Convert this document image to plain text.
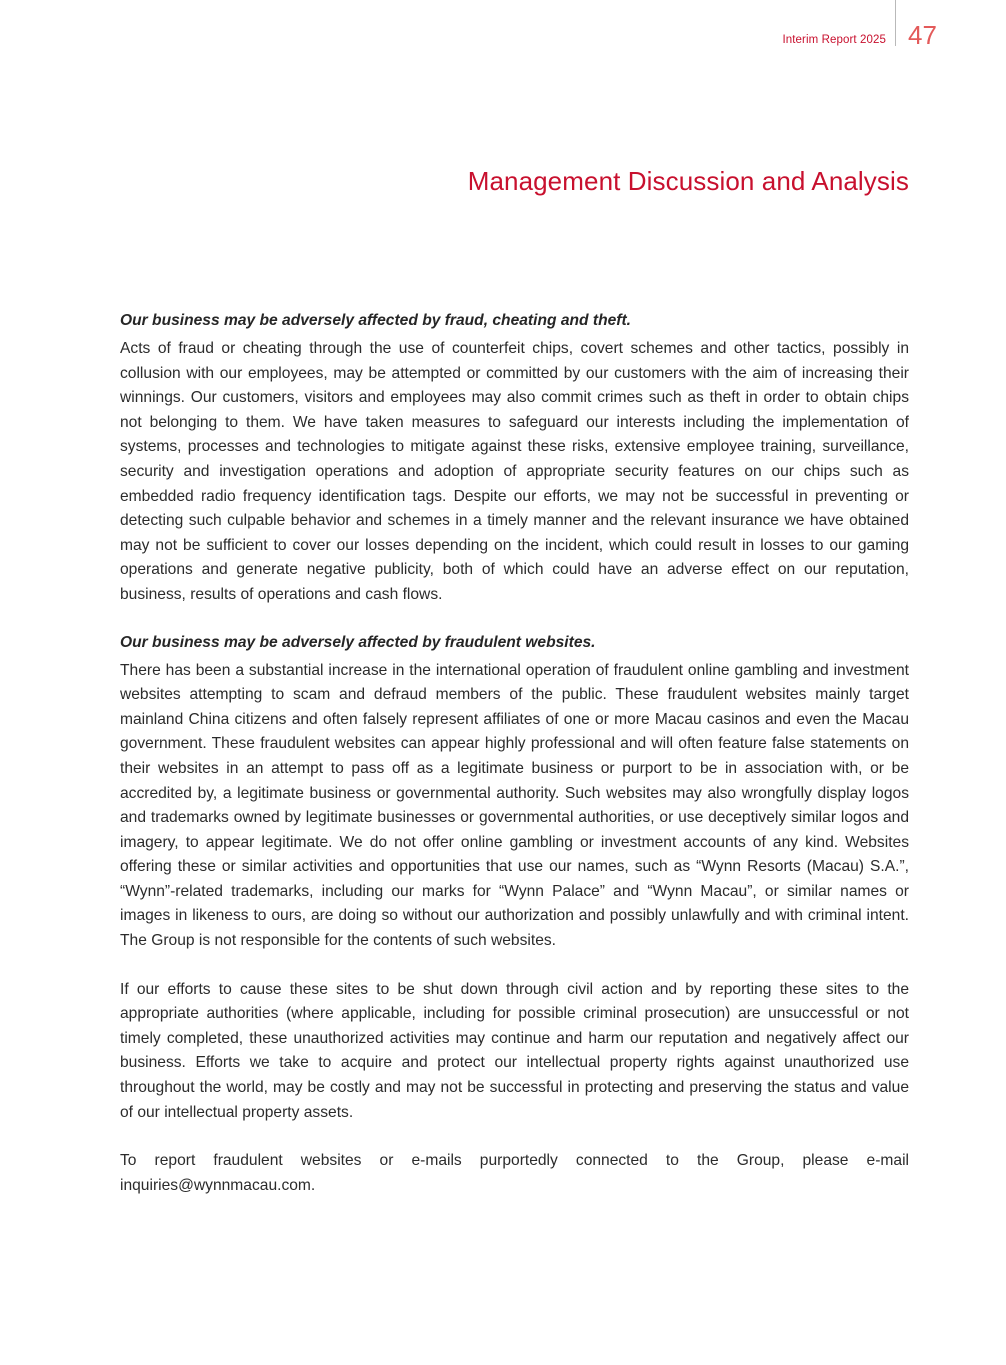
Interim Report 2025 47
Management Discussion and Analysis
Our business may be adversely affected by fraud, cheating and theft.

Acts of fraud or cheating through the use of counterfeit chips, covert schemes and other tactics, possibly in collusion with our employees, may be attempted or committed by our customers with the aim of increasing their winnings. Our customers, visitors and employees may also commit crimes such as theft in order to obtain chips not belonging to them. We have taken measures to safeguard our interests including the implementation of systems, processes and technologies to mitigate against these risks, extensive employee training, surveillance, security and investigation operations and adoption of appropriate security features on our chips such as embedded radio frequency identification tags. Despite our efforts, we may not be successful in preventing or detecting such culpable behavior and schemes in a timely manner and the relevant insurance we have obtained may not be sufficient to cover our losses depending on the incident, which could result in losses to our gaming operations and generate negative publicity, both of which could have an adverse effect on our reputation, business, results of operations and cash flows.

Our business may be adversely affected by fraudulent websites.

There has been a substantial increase in the international operation of fraudulent online gambling and investment websites attempting to scam and defraud members of the public. These fraudulent websites mainly target mainland China citizens and often falsely represent affiliates of one or more Macau casinos and even the Macau government. These fraudulent websites can appear highly professional and will often feature false statements on their websites in an attempt to pass off as a legitimate business or purport to be in association with, or be accredited by, a legitimate business or governmental authority. Such websites may also wrongfully display logos and trademarks owned by legitimate businesses or governmental authorities, or use deceptively similar logos and imagery, to appear legitimate. We do not offer online gambling or investment accounts of any kind. Websites offering these or similar activities and opportunities that use our names, such as “Wynn Resorts (Macau) S.A.”, “Wynn”-related trademarks, including our marks for “Wynn Palace” and “Wynn Macau”, or similar names or images in likeness to ours, are doing so without our authorization and possibly unlawfully and with criminal intent. The Group is not responsible for the contents of such websites.

If our efforts to cause these sites to be shut down through civil action and by reporting these sites to the appropriate authorities (where applicable, including for possible criminal prosecution) are unsuccessful or not timely completed, these unauthorized activities may continue and harm our reputation and negatively affect our business. Efforts we take to acquire and protect our intellectual property rights against unauthorized use throughout the world, may be costly and may not be successful in protecting and preserving the status and value of our intellectual property assets.

To report fraudulent websites or e-mails purportedly connected to the Group, please e-mail inquiries@wynnmacau.com.
